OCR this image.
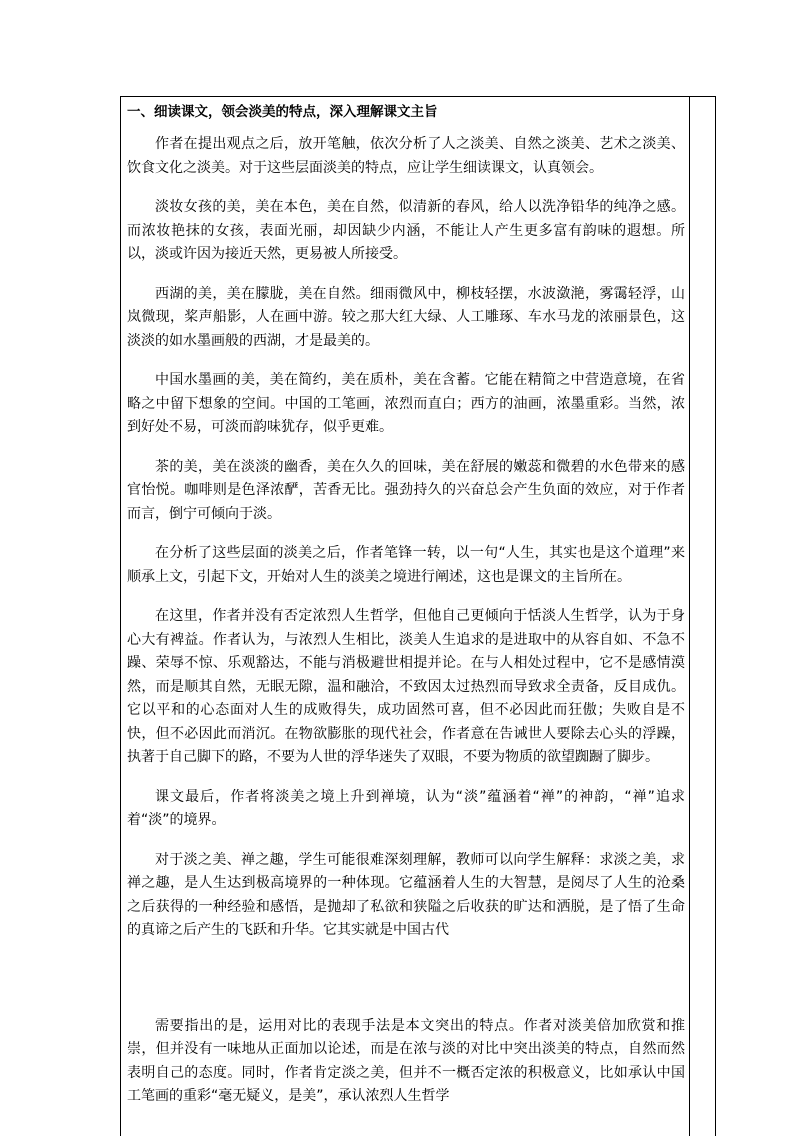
一、细读课文，领会淡美的特点，深入理解课文主旨

作者在提出观点之后，放开笔触，依次分析了人之淡美、自然之淡美、艺术之淡美、饮食文化之淡美。对于这些层面淡美的特点，应让学生细读课文，认真领会。

淡妆女孩的美，美在本色，美在自然，似清新的春风，给人以洗净铅华的纯净之感。而浓妆艳抹的女孩，表面光丽，却因缺少内涵，不能让人产生更多富有韵味的遐想。所以，淡或许因为接近天然，更易被人所接受。

西湖的美，美在朦胧，美在自然。细雨微风中，柳枝轻摆，水波潋滟，雾霭轻浮，山岚微现，桨声船影，人在画中游。较之那大红大绿、人工雕琢、车水马龙的浓丽景色，这淡淡的如水墨画般的西湖，才是最美的。

中国水墨画的美，美在简约，美在质朴，美在含蓄。它能在精简之中营造意境，在省略之中留下想象的空间。中国的工笔画，浓烈而直白；西方的油画，浓墨重彩。当然，浓到好处不易，可淡而韵味犹存，似乎更难。

茶的美，美在淡淡的幽香，美在久久的回味，美在舒展的嫩蕊和微碧的水色带来的感官怡悦。咖啡则是色泽浓酽，苦香无比。强劲持久的兴奋总会产生负面的效应，对于作者而言，倒宁可倾向于淡。

在分析了这些层面的淡美之后，作者笔锋一转，以一句“人生，其实也是这个道理”来顺承上文，引起下文，开始对人生的淡美之境进行阐述，这也是课文的主旨所在。

在这里，作者并没有否定浓烈人生哲学，但他自己更倾向于恬淡人生哲学，认为于身心大有裨益。作者认为，与浓烈人生相比，淡美人生追求的是进取中的从容自如、不急不躁、荣辱不惊、乐观豁达，不能与消极避世相提并论。在与人相处过程中，它不是感情漠然，而是顺其自然，无眠无隙，温和融洽，不致因太过热烈而导致求全责备，反目成仇。它以平和的心态面对人生的成败得失，成功固然可喜，但不必因此而狂傲；失败自是不快，但不必因此而消沉。在物欲膨胀的现代社会，作者意在告诫世人要除去心头的浮躁，执著于自己脚下的路，不要为人世的浮华迷失了双眼，不要为物质的欲望踟蹰了脚步。

课文最后，作者将淡美之境上升到禅境，认为“淡”蕴涵着“禅”的神韵，“禅”追求着“淡”的境界。

对于淡之美、禅之趣，学生可能很难深刻理解，教师可以向学生解释：求淡之美，求禅之趣，是人生达到极高境界的一种体现。它蕴涵着人生的大智慧，是阅尽了人生的沧桑之后获得的一种经验和感悟，是抛却了私欲和狭隘之后收获的旷达和洒脱，是了悟了生命的真谛之后产生的飞跃和升华。它其实就是中国古代

需要指出的是，运用对比的表现手法是本文突出的特点。作者对淡美倍加欣赏和推崇，但并没有一味地从正面加以论述，而是在浓与淡的对比中突出淡美的特点，自然而然表明自己的态度。同时，作者肯定淡之美，但并不一概否定浓的积极意义，比如承认中国工笔画的重彩“毫无疑义，是美”，承认浓烈人生哲学
